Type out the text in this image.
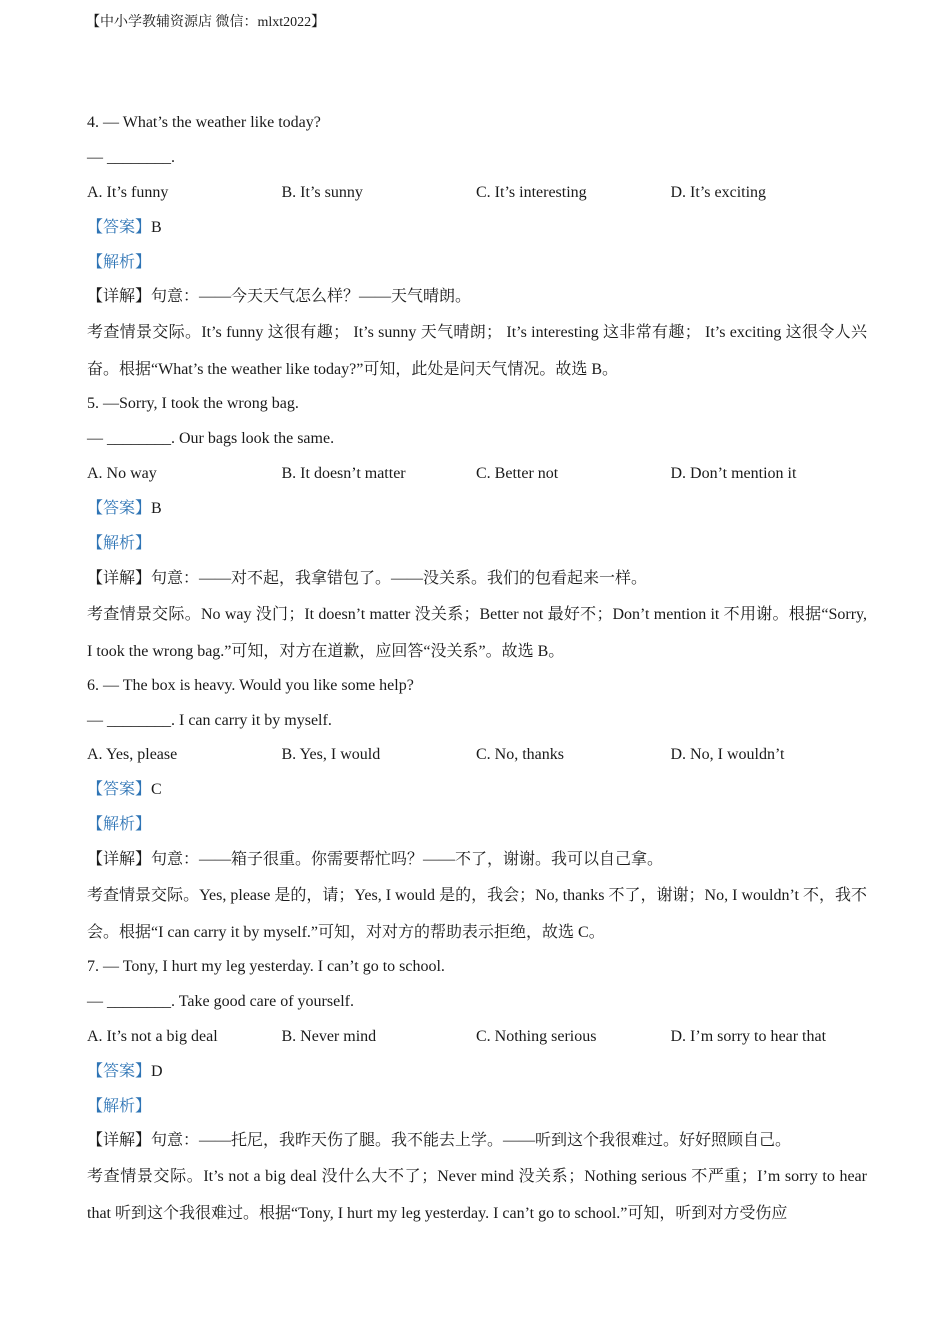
【中小学教辅资源店 微信：mlxt2022】
4. — What’s the weather like today?
— ________.
A. It’s funny	B. It’s sunny	C. It’s interesting	D. It’s exciting
【答案】B
【解析】
【详解】句意：——今天天气怎么样？——天气晴朗。
考查情景交际。It’s funny 这很有趣； It’s sunny 天气晴朗； It’s interesting 这非常有趣； It’s exciting 这很令人兴奋。根据“What’s the weather like today?”可知，此处是问天气情况。故选 B。
5. —Sorry, I took the wrong bag.
— ________. Our bags look the same.
A. No way	B. It doesn’t matter	C. Better not	D. Don’t mention it
【答案】B
【解析】
【详解】句意：——对不起，我拿错包了。——没关系。我们的包看起来一样。
考查情景交际。No way 没门；It doesn’t matter 没关系；Better not 最好不；Don’t mention it 不用谢。根据“Sorry, I took the wrong bag.”可知，对方在道歉，应回答“没关系”。故选 B。
6. — The box is heavy. Would you like some help?
— ________. I can carry it by myself.
A. Yes, please	B. Yes, I would	C. No, thanks	D. No, I wouldn’t
【答案】C
【解析】
【详解】句意：——箱子很重。你需要帮忙吗？——不了，谢谢。我可以自己拿。
考查情景交际。Yes, please 是的，请；Yes, I would 是的，我会；No, thanks 不了，谢谢；No, I wouldn’t 不，我不会。根据“I can carry it by myself.”可知，对对方的帮助表示拒绝，故选 C。
7. — Tony, I hurt my leg yesterday. I can’t go to school.
— ________. Take good care of yourself.
A. It’s not a big deal	B. Never mind	C. Nothing serious	D. I’m sorry to hear that
【答案】D
【解析】
【详解】句意：——托尼，我昨天伤了腿。我不能去上学。——听到这个我很难过。好好照顾自己。
考查情景交际。It’s not a big deal 没什么大不了；Never mind 没关系；Nothing serious 不严重；I’m sorry to hear that 听到这个我很难过。根据“Tony, I hurt my leg yesterday. I can’t go to school.”可知，听到对方受伤应
